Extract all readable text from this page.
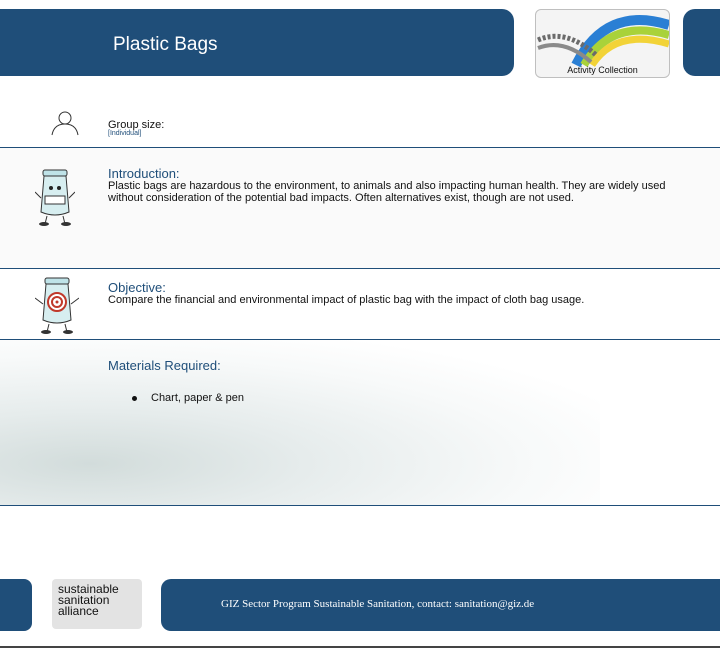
Plastic Bags
Activity Collection
Group size:
[Individual]
Introduction:
Plastic bags are hazardous to the environment, to animals and also impacting human health. They are widely used without consideration of the potential bad impacts. Often alternatives exist, though are not used.
Objective:
Compare the financial and environmental impact of plastic bag with the impact of cloth bag usage.
Materials Required:
Chart, paper & pen
sustainable
sanitation
alliance	GIZ Sector Program Sustainable Sanitation, contact: sanitation@giz.de
